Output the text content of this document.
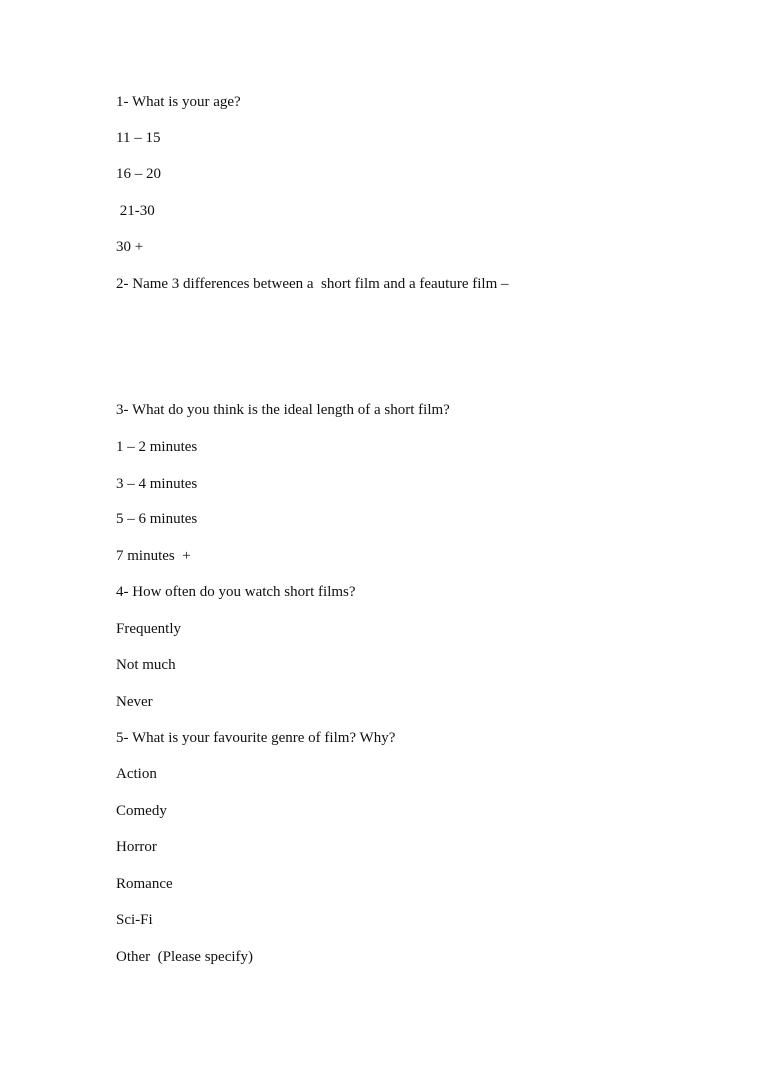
1- What is your age?
11 – 15
16 – 20
21-30
30 +
2- Name 3 differences between a  short film and a feauture film –
3- What do you think is the ideal length of a short film?
1 – 2 minutes
3 – 4 minutes
5 – 6 minutes
7 minutes  +
4- How often do you watch short films?
Frequently
Not much
Never
5- What is your favourite genre of film? Why?
Action
Comedy
Horror
Romance
Sci-Fi
Other  (Please specify)
